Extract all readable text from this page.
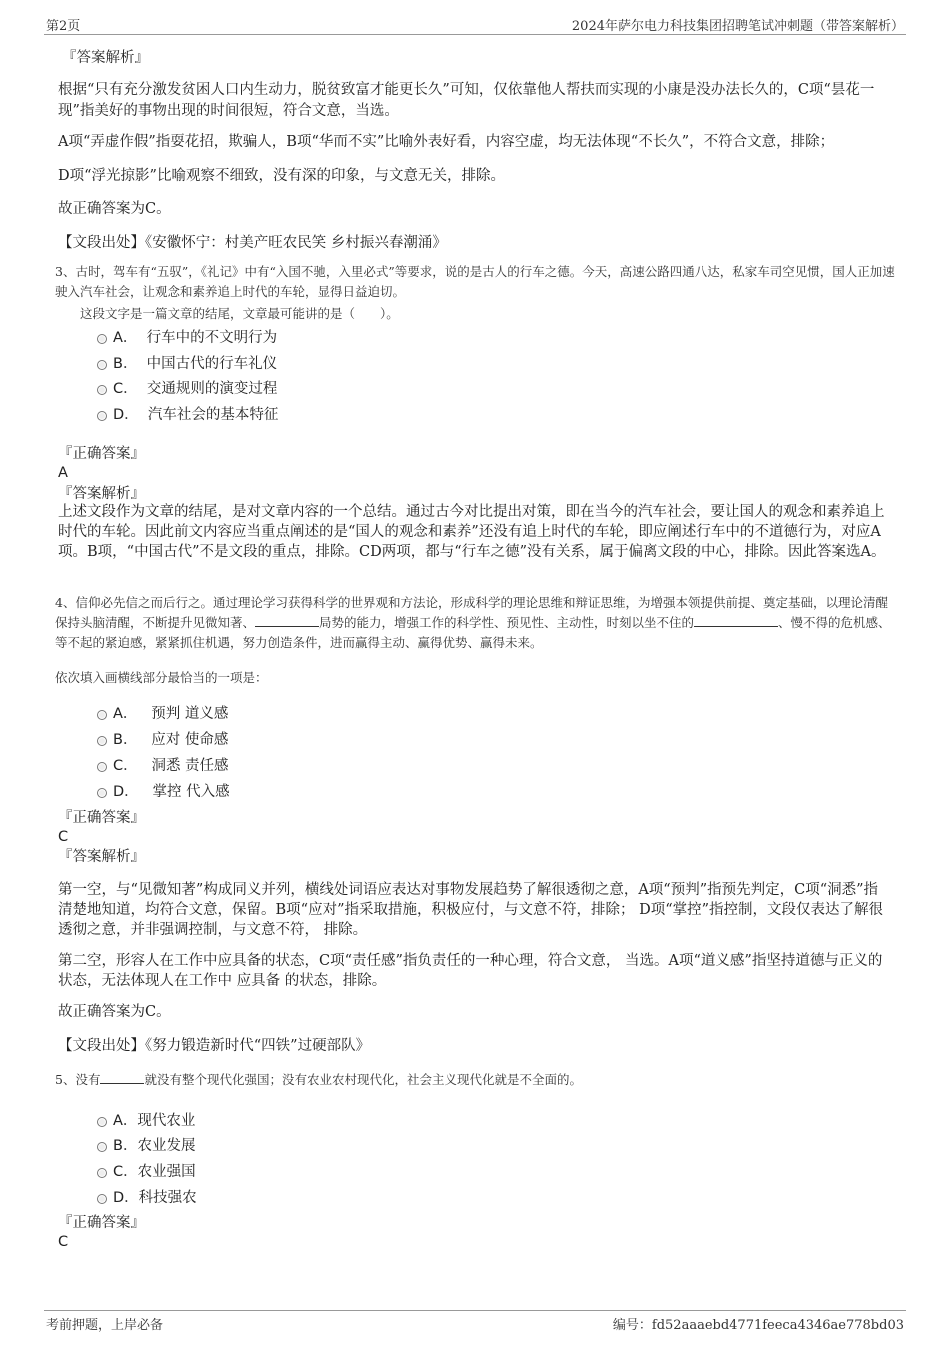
第2页	2024年萨尔电力科技集团招聘笔试冲刺题（带答案解析）
『答案解析』
根据“只有充分激发贫困人口内生动力，脱贫致富才能更长久”可知，仅依靠他人帮扶而实现的小康是没办法长久的，C项“昙花一现”指美好的事物出现的时间很短，符合文意，当选。
A项“弄虚作假”指耍花招，欺骗人，B项“华而不实”比喻外表好看，内容空虚，均无法体现“不长久”，不符合文意，排除；
D项“浮光掠影”比喻观察不细致，没有深的印象，与文意无关，排除。
故正确答案为C。
【文段出处】《安徽怀宁：村美产旺农民笑 乡村振兴春潮涌》
3、古时，驾车有“五驭”，《礼记》中有“入国不驰，入里必式”等要求，说的是古人的行车之德。今天，高速公路四通八达，私家车司空见惯，国人正加速驶入汽车社会，让观念和素养追上时代的车轮，显得日益迫切。
这段文字是一篇文章的结尾，文章最可能讲的是（　　）。
A． 行车中的不文明行为
B． 中国古代的行车礼仪
C． 交通规则的演变过程
D． 汽车社会的基本特征
『正确答案』
A
『答案解析』
上述文段作为文章的结尾，是对文章内容的一个总结。通过古今对比提出对策，即在当今的汽车社会，要让国人的观念和素养追上时代的车轮。因此前文内容应当重点阐述的是“国人的观念和素养”还没有追上时代的车轮，即应阐述行车中的不道德行为，对应A项。B项，“中国古代”不是文段的重点，排除。CD两项，都与“行车之德”没有关系，属于偏离文段的中心，排除。因此答案选A。
4、信仰必先信之而后行之。通过理论学习获得科学的世界观和方法论，形成科学的理论思维和辩证思维，为增强本领提供前提、奠定基础，以理论清醒保持头脑清醒，不断提升见微知著、	局势的能力，增强工作的科学性、预见性、主动性，时刻以坐不住的	、慢不得的危机感、等不起的紧迫感，紧紧抓住机遇，努力创造条件，进而赢得主动、赢得优势、赢得未来。
依次填入画横线部分最恰当的一项是：
A． 预判 道义感
B． 应对 使命感
C． 洞悉 责任感
D． 掌控 代入感
『正确答案』
C
『答案解析』
第一空，与“见微知著”构成同义并列，横线处词语应表达对事物发展趋势了解很透彻之意，A项“预判”指预先判定，C项“洞悉”指清楚地知道，均符合文意，保留。B项“应对”指采取措施，积极应付，与文意不符，排除； D项“掌控”指控制，文段仅表达了解很透彻之意，并非强调控制，与文意不符， 排除。
第二空，形容人在工作中应具备的状态，C项“责任感”指负责任的一种心理，符合文意， 当选。A项“道义感”指坚持道德与正义的状态，无法体现人在工作中 应具备 的状态，排除。
故正确答案为C。
【文段出处】《努力锻造新时代“四铁”过硬部队》
5、没有	就没有整个现代化强国；没有农业农村现代化，社会主义现代化就是不全面的。
A．现代农业
B．农业发展
C．农业强国
D．科技强农
『正确答案』
C
考前押题，上岸必备	编号：fd52aaaebd4771feeca4346ae778bd03
